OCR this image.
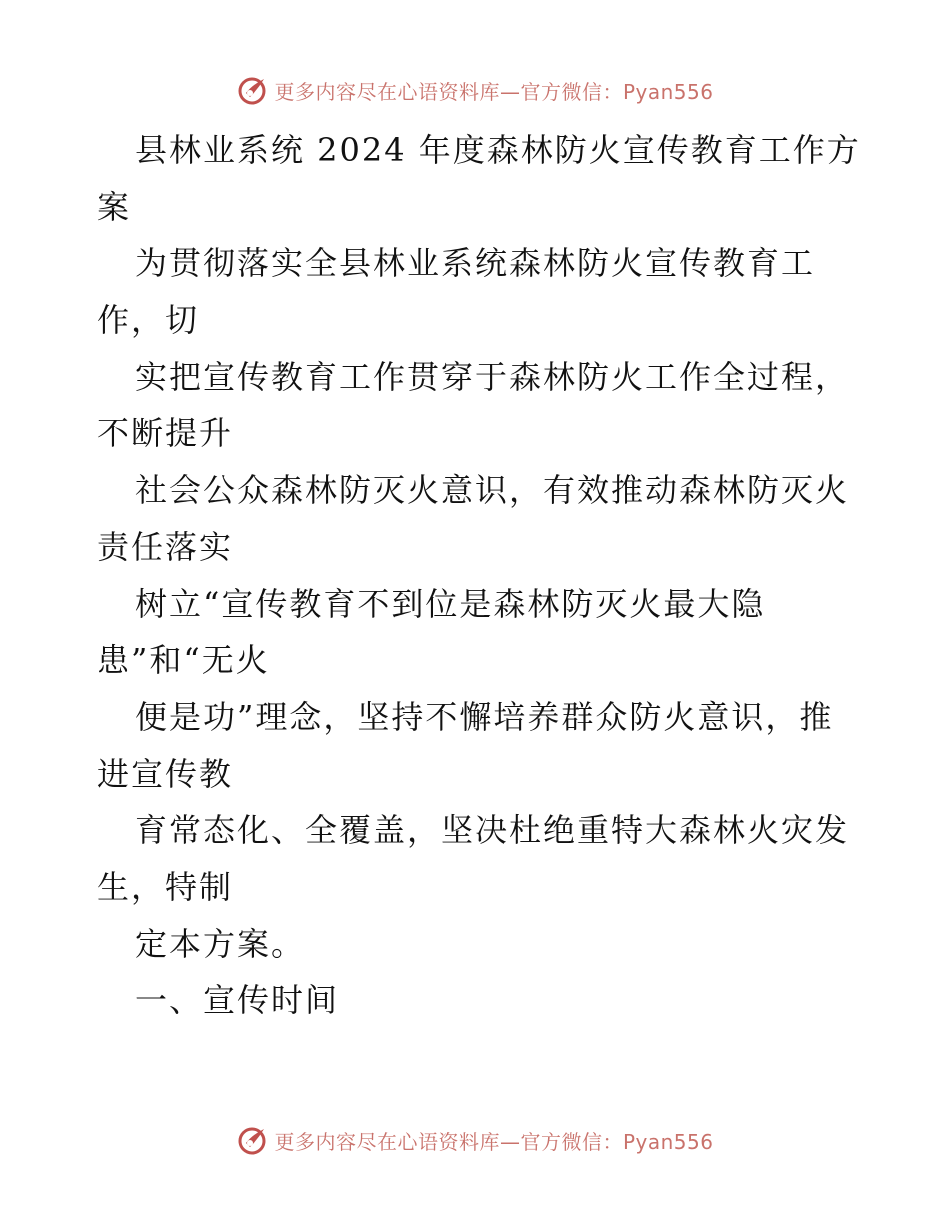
更多内容尽在心语资料库—官方微信：Pyan556
县林业系统 2024 年度森林防火宣传教育工作方
案
为贯彻落实全县林业系统森林防火宣传教育工
作，切
实把宣传教育工作贯穿于森林防火工作全过程，
不断提升
社会公众森林防灭火意识，有效推动森林防灭火
责任落实
树立“宣传教育不到位是森林防灭火最大隐
患”和“无火
便是功”理念，坚持不懈培养群众防火意识，推
进宣传教
育常态化、全覆盖，坚决杜绝重特大森林火灾发
生，特制
定本方案。
一、宣传时间
更多内容尽在心语资料库—官方微信：Pyan556
